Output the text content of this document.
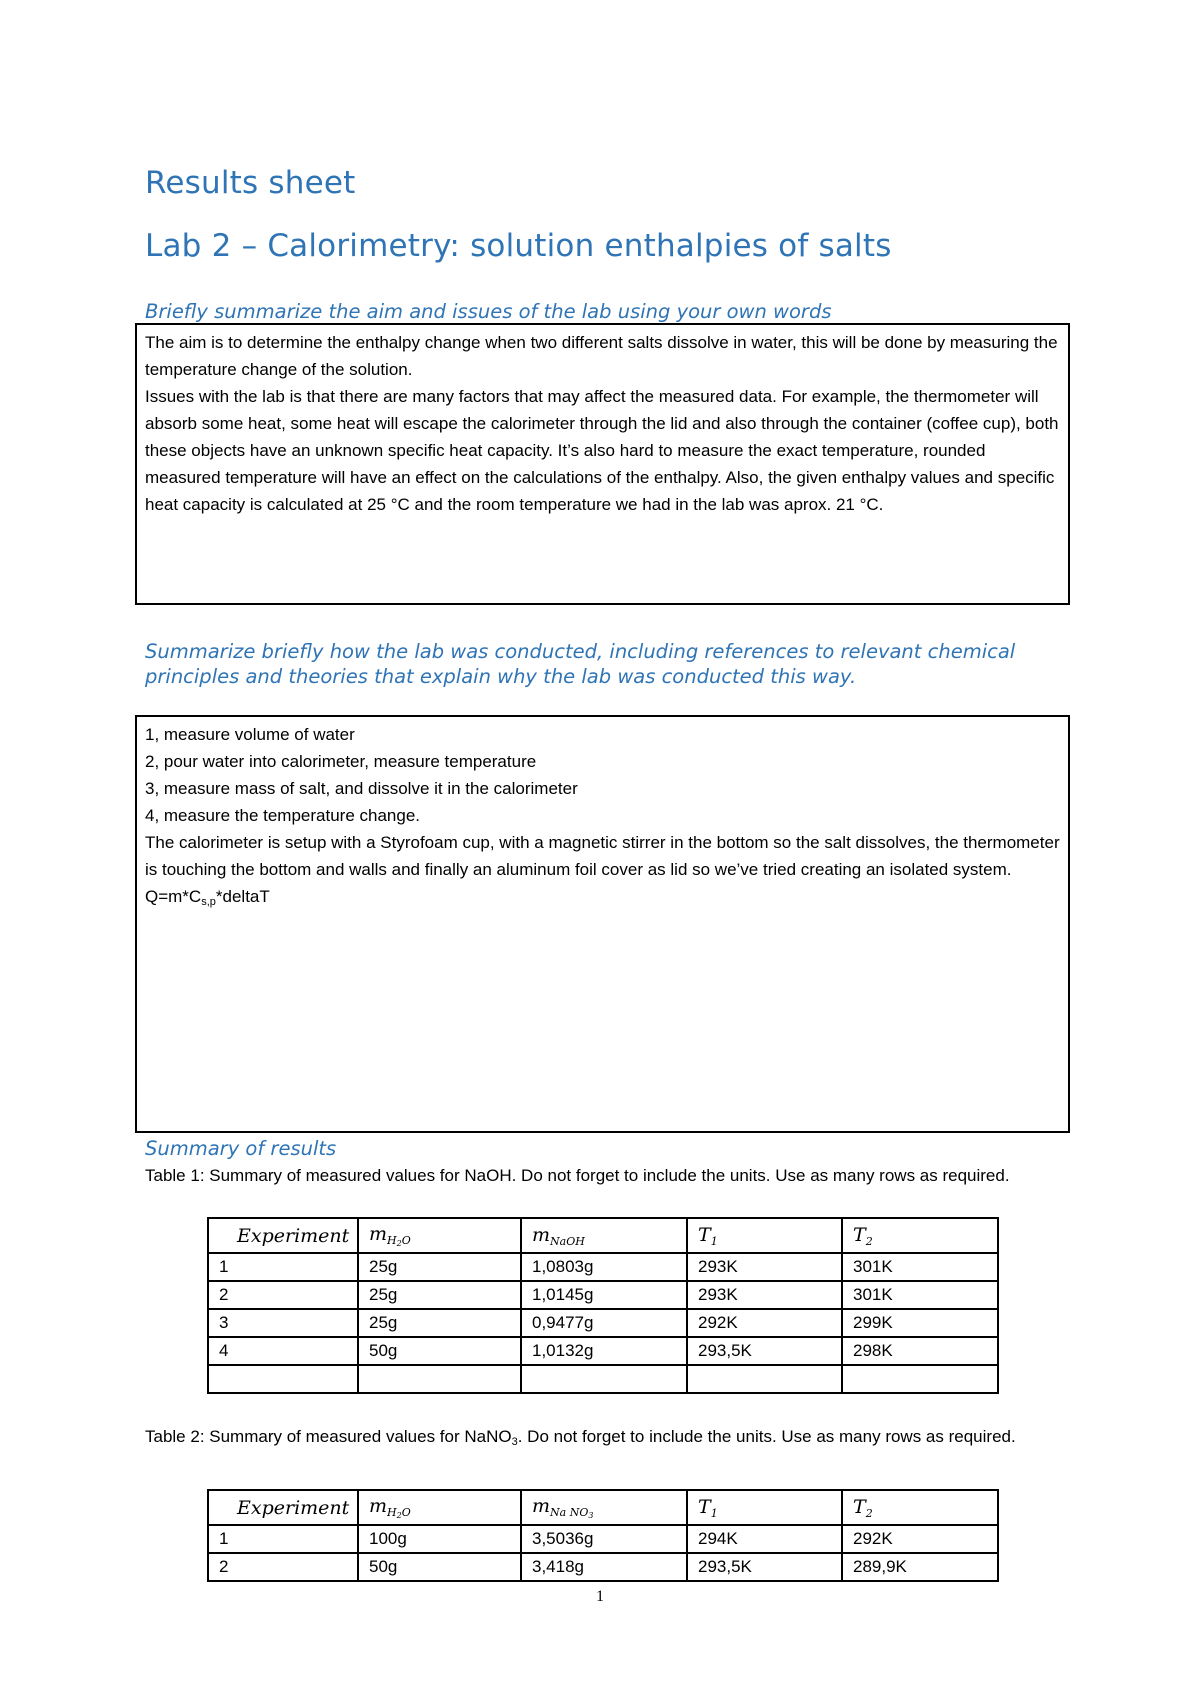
Results sheet
Lab 2 – Calorimetry: solution enthalpies of salts
Briefly summarize the aim and issues of the lab using your own words

The aim is to determine the enthalpy change when two different salts dissolve in water, this will be done by measuring the temperature change of the solution.

Issues with the lab is that there are many factors that may affect the measured data. For example, the thermometer will absorb some heat, some heat will escape the calorimeter through the lid and also through the container (coffee cup), both these objects have an unknown specific heat capacity. It’s also hard to measure the exact temperature, rounded measured temperature will have an effect on the calculations of the enthalpy. Also, the given enthalpy values and specific heat capacity is calculated at 25 °C and the room temperature we had in the lab was aprox. 21 °C.

Summarize briefly how the lab was conducted, including references to relevant chemical principles and theories that explain why the lab was conducted this way.

1, measure volume of water

2, pour water into calorimeter, measure temperature

3, measure mass of salt, and dissolve it in the calorimeter

4, measure the temperature change.

The calorimeter is setup with a Styrofoam cup, with a magnetic stirrer in the bottom so the salt dissolves, the thermometer is touching the bottom and walls and finally an aluminum foil cover as lid so we’ve tried creating an isolated system.

Q=m*Cs,p*deltaT

Summary of results
Table 1: Summary of measured values for NaOH. Do not forget to include the units. Use as many rows as required.
Experiment	$m_{H2O}$	$m_{NaOH}$	$T_1$	$T_2$
1	25g	1,0803g	293K	301K
2	25g	1,0145g	293K	301K
3	25g	0,9477g	292K	299K
4	50g	1,0132g	293,5K	298K

Table 2: Summary of measured values for NaNO3. Do not forget to include the units. Use as many rows as required.
Experiment	$m_{H2O}$	$m_{Na NO3}$	$T_1$	$T_2$
1	100g	3,5036g	294K	292K
2	50g	3,418g	293,5K	289,9K
1
